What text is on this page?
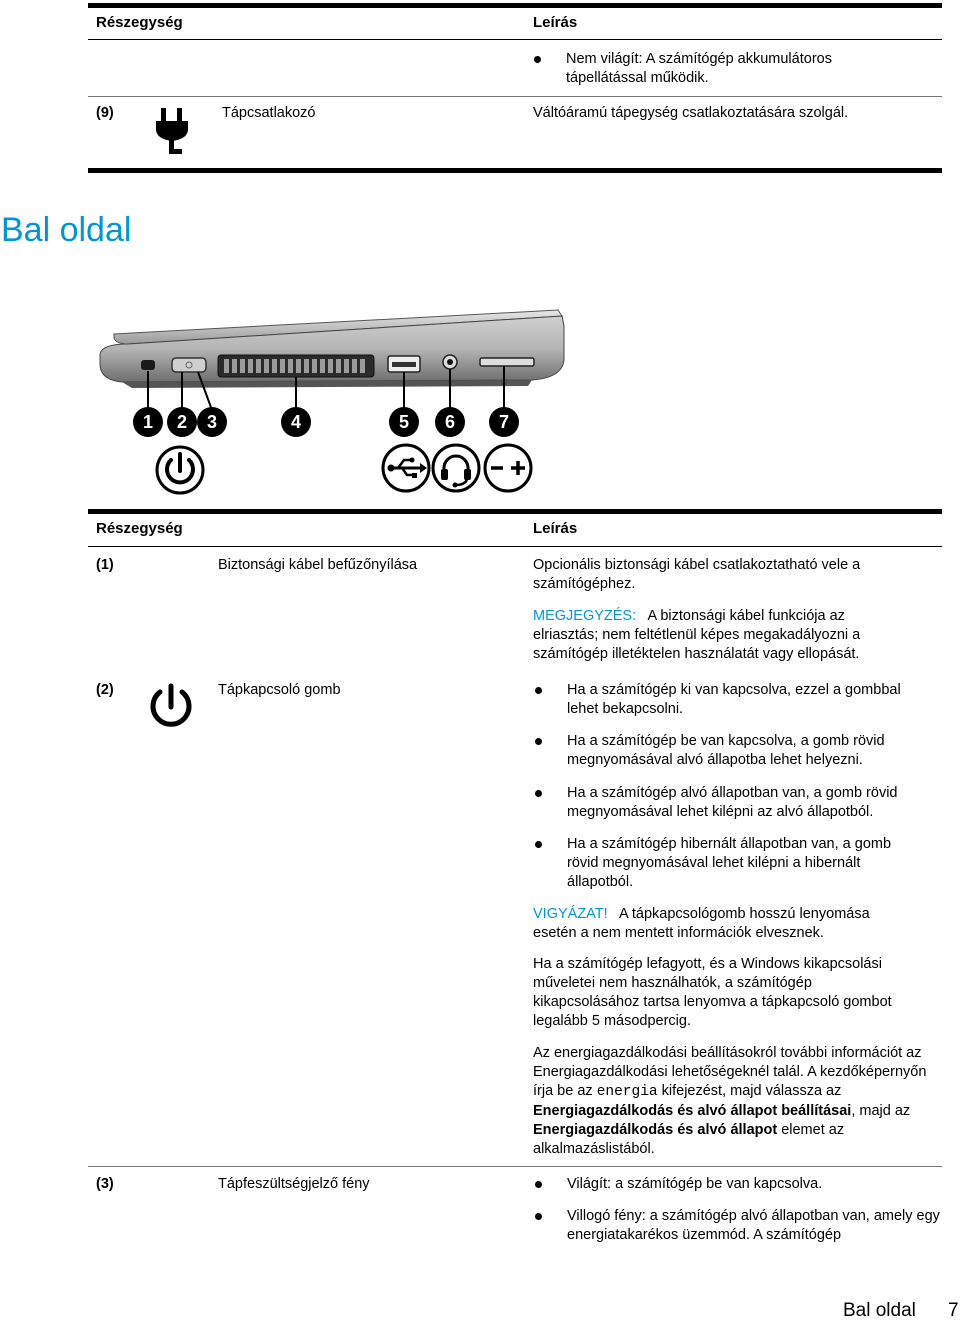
Részegység	Leírás
Nem világít: A számítógép akkumulátoros tápellátással működik.
(9)	Tápcsatlakozó	Váltóáramú tápegység csatlakoztatására szolgál.
Bal oldal
1	2	3	4	5	6	7
Részegység	Leírás
(1)	Biztonsági kábel befűzőnyílása	Opcionális biztonsági kábel csatlakoztatható vele a számítógéphez.
MEGJEGYZÉS: A biztonsági kábel funkciója az elriasztás; nem feltétlenül képes megakadályozni a számítógép illetéktelen használatát vagy ellopását.
(2)	Tápkapcsoló gomb	Ha a számítógép ki van kapcsolva, ezzel a gombbal lehet bekapcsolni.
Ha a számítógép be van kapcsolva, a gomb rövid megnyomásával alvó állapotba lehet helyezni.
Ha a számítógép alvó állapotban van, a gomb rövid megnyomásával lehet kilépni az alvó állapotból.
Ha a számítógép hibernált állapotban van, a gomb rövid megnyomásával lehet kilépni a hibernált állapotból.
VIGYÁZAT! A tápkapcsológomb hosszú lenyomása esetén a nem mentett információk elvesznek.
Ha a számítógép lefagyott, és a Windows kikapcsolási műveletei nem használhatók, a számítógép kikapcsolásához tartsa lenyomva a tápkapcsoló gombot legalább 5 másodpercig.
Az energiagazdálkodási beállításokról további információt az Energiagazdálkodási lehetőségeknél talál. A kezdőképernyőn írja be az energia kifejezést, majd válassza az Energiagazdálkodás és alvó állapot beállításai, majd az Energiagazdálkodás és alvó állapot elemet az alkalmazáslistából.
(3)	Tápfeszültségjelző fény	Világít: a számítógép be van kapcsolva.
Villogó fény: a számítógép alvó állapotban van, amely egy energiatakarékos üzemmód. A számítógép
Bal oldal 7
